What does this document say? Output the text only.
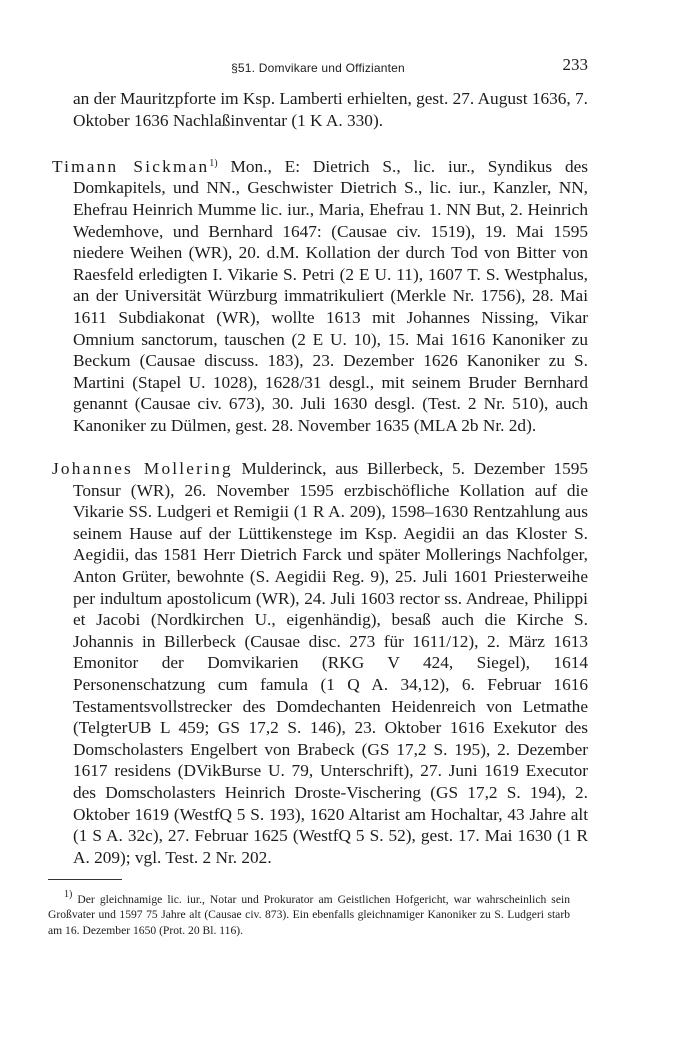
§51. Domvikare und Offizianten	233

an der Mauritzpforte im Ksp. Lamberti erhielten, gest. 27. August 1636, 7. Oktober 1636 Nachlaßinventar (1 K A. 330).

Timann Sickman$^{1)}$ Mon., E: Dietrich S., lic. iur., Syndikus des Domkapitels, und NN., Geschwister Dietrich S., lic. iur., Kanzler, NN, Ehefrau Heinrich Mumme lic. iur., Maria, Ehefrau 1. NN But, 2. Heinrich Wedemhove, und Bernhard 1647: (Causae civ. 1519), 19. Mai 1595 niedere Weihen (WR), 20. d.M. Kollation der durch Tod von Bitter von Raesfeld erledigten I. Vikarie S. Petri (2 E U. 11), 1607 T. S. Westphalus, an der Universität Würzburg immatrikuliert (Merkle Nr. 1756), 28. Mai 1611 Subdiakonat (WR), wollte 1613 mit Johannes Nissing, Vikar Omnium sanctorum, tauschen (2 E U. 10), 15. Mai 1616 Kanoniker zu Beckum (Causae discuss. 183), 23. Dezember 1626 Kanoniker zu S. Martini (Stapel U. 1028), 1628/31 desgl., mit seinem Bruder Bernhard genannt (Causae civ. 673), 30. Juli 1630 desgl. (Test. 2 Nr. 510), auch Kanoniker zu Dülmen, gest. 28. November 1635 (MLA 2b Nr. 2d).

Johannes Mollering Mulderinck, aus Billerbeck, 5. Dezember 1595 Tonsur (WR), 26. November 1595 erzbischöfliche Kollation auf die Vikarie SS. Ludgeri et Remigii (1 R A. 209), 1598–1630 Rentzahlung aus seinem Hause auf der Lüttikenstege im Ksp. Aegidii an das Kloster S. Aegidii, das 1581 Herr Dietrich Farck und später Mollerings Nachfolger, Anton Grüter, bewohnte (S. Aegidii Reg. 9), 25. Juli 1601 Priesterweihe per indultum apostolicum (WR), 24. Juli 1603 rector ss. Andreae, Philippi et Jacobi (Nordkirchen U., eigenhändig), besaß auch die Kirche S. Johannis in Billerbeck (Causae disc. 273 für 1611/12), 2. März 1613 Emonitor der Domvikarien (RKG V 424, Siegel), 1614 Personenschatzung cum famula (1 Q A. 34,12), 6. Februar 1616 Testamentsvollstrecker des Domdechanten Heidenreich von Letmathe (TelgterUB L 459; GS 17,2 S. 146), 23. Oktober 1616 Exekutor des Domscholasters Engelbert von Brabeck (GS 17,2 S. 195), 2. Dezember 1617 residens (DVikBurse U. 79, Unterschrift), 27. Juni 1619 Executor des Domscholasters Heinrich Droste-Vischering (GS 17,2 S. 194), 2. Oktober 1619 (WestfQ 5 S. 193), 1620 Altarist am Hochaltar, 43 Jahre alt (1 S A. 32c), 27. Februar 1625 (WestfQ 5 S. 52), gest. 17. Mai 1630 (1 R A. 209); vgl. Test. 2 Nr. 202.

1) Der gleichnamige lic. iur., Notar und Prokurator am Geistlichen Hofgericht, war wahrscheinlich sein Großvater und 1597 75 Jahre alt (Causae civ. 873). Ein ebenfalls gleichnamiger Kanoniker zu S. Ludgeri starb am 16. Dezember 1650 (Prot. 20 Bl. 116).
